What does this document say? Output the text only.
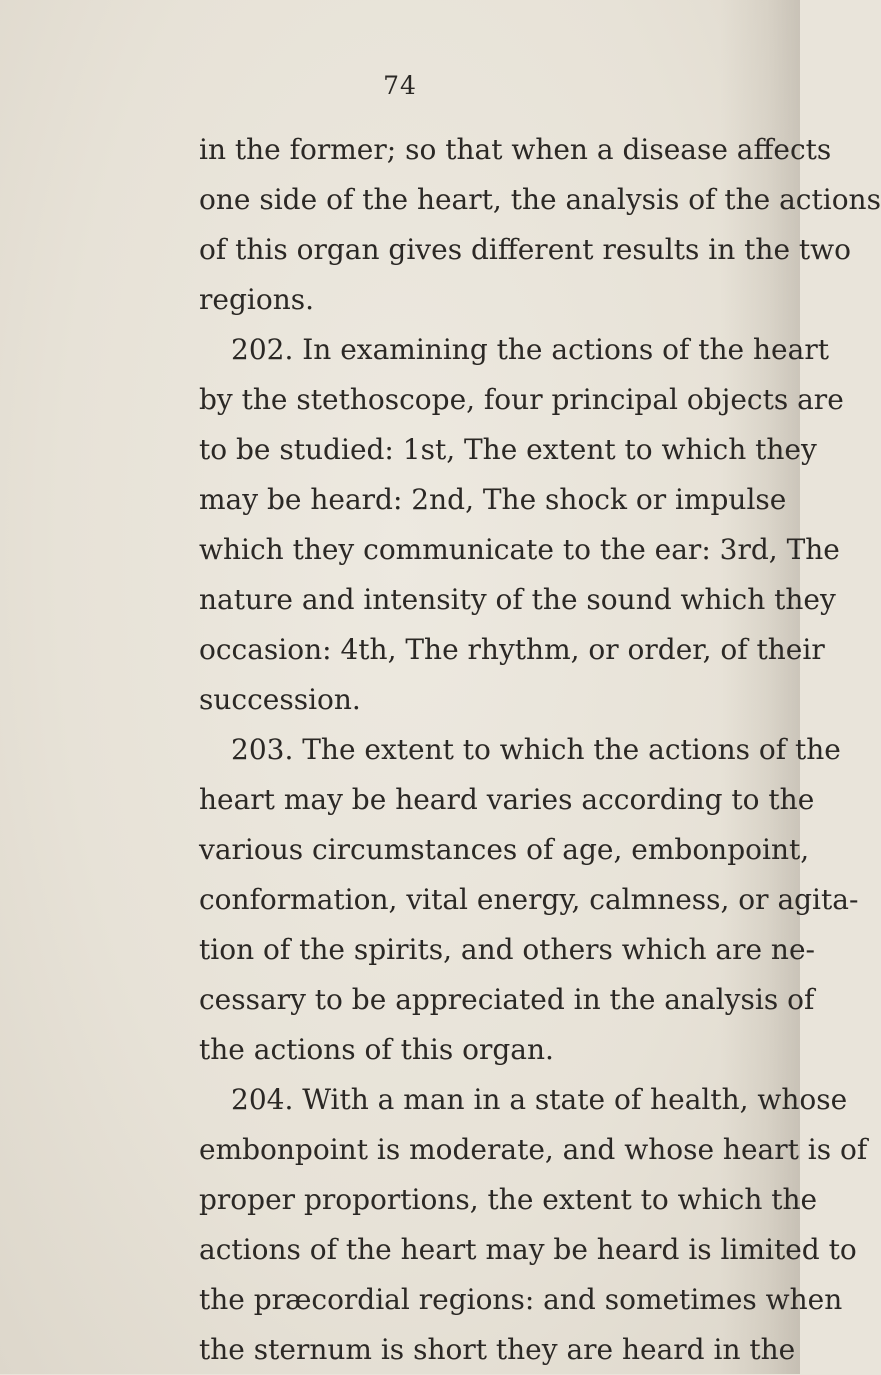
74
in the former; so that when a disease affects
one side of the heart, the analysis of the actions
of this organ gives different results in the two
regions.
202. In examining the actions of the heart
by the stethoscope, four principal objects are
to be studied: 1st, The extent to which they
may be heard: 2nd, The shock or impulse
which they communicate to the ear: 3rd, The
nature and intensity of the sound which they
occasion: 4th, The rhythm, or order, of their
succession.
203. The extent to which the actions of the
heart may be heard varies according to the
various circumstances of age, embonpoint,
conformation, vital energy, calmness, or agita-
tion of the spirits, and others which are ne-
cessary to be appreciated in the analysis of
the actions of this organ.
204. With a man in a state of health, whose
embonpoint is moderate, and whose heart is of
proper proportions, the extent to which the
actions of the heart may be heard is limited to
the præcordial regions: and sometimes when
the sternum is short they are heard in the
